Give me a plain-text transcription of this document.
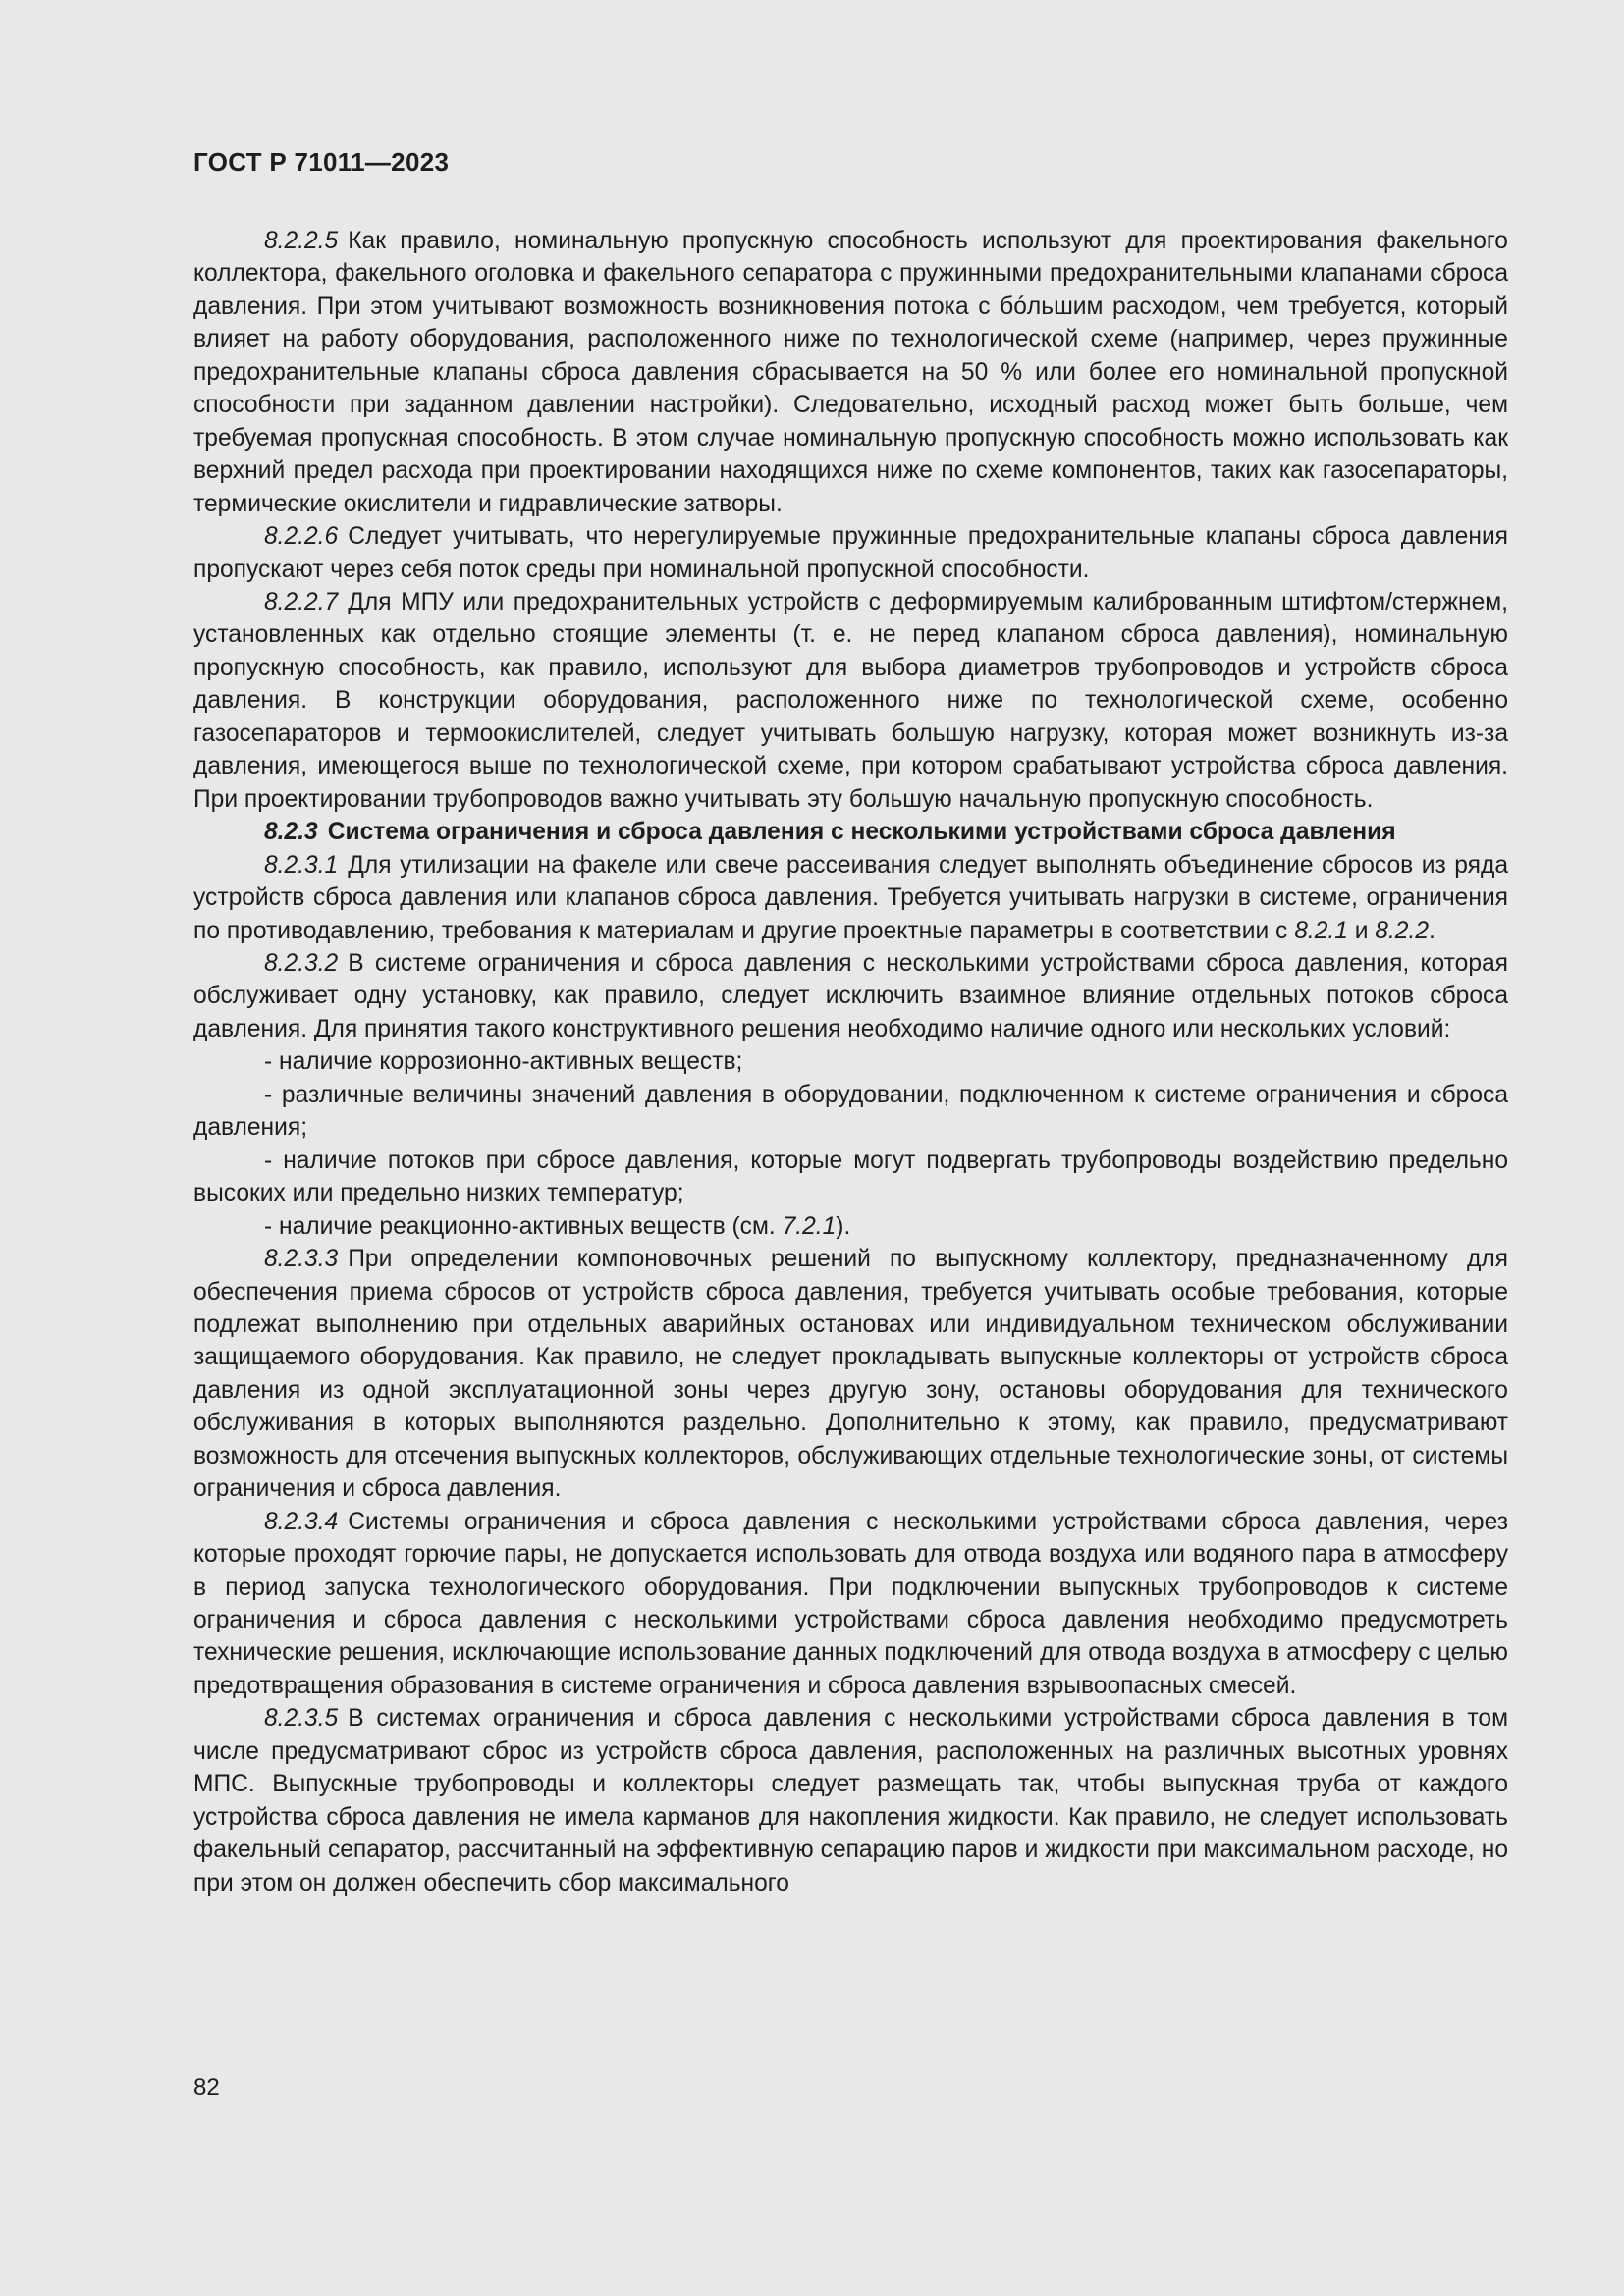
ГОСТ Р 71011—2023

8.2.2.5 Как правило, номинальную пропускную способность используют для проектирования факельного коллектора, факельного оголовка и факельного сепаратора с пружинными предохранительными клапанами сброса давления. При этом учитывают возможность возникновения потока с бóльшим расходом, чем требуется, который влияет на работу оборудования, расположенного ниже по технологической схеме (например, через пружинные предохранительные клапаны сброса давления сбрасывается на 50 % или более его номинальной пропускной способности при заданном давлении настройки). Следовательно, исходный расход может быть больше, чем требуемая пропускная способность. В этом случае номинальную пропускную способность можно использовать как верхний предел расхода при проектировании находящихся ниже по схеме компонентов, таких как газосепараторы, термические окислители и гидравлические затворы.

8.2.2.6 Следует учитывать, что нерегулируемые пружинные предохранительные клапаны сброса давления пропускают через себя поток среды при номинальной пропускной способности.

8.2.2.7 Для МПУ или предохранительных устройств с деформируемым калиброванным штифтом/стержнем, установленных как отдельно стоящие элементы (т. е. не перед клапаном сброса давления), номинальную пропускную способность, как правило, используют для выбора диаметров трубопроводов и устройств сброса давления. В конструкции оборудования, расположенного ниже по технологической схеме, особенно газосепараторов и термоокислителей, следует учитывать большую нагрузку, которая может возникнуть из-за давления, имеющегося выше по технологической схеме, при котором срабатывают устройства сброса давления. При проектировании трубопроводов важно учитывать эту большую начальную пропускную способность.

8.2.3 Система ограничения и сброса давления с несколькими устройствами сброса давления

8.2.3.1 Для утилизации на факеле или свече рассеивания следует выполнять объединение сбросов из ряда устройств сброса давления или клапанов сброса давления. Требуется учитывать нагрузки в системе, ограничения по противодавлению, требования к материалам и другие проектные параметры в соответствии с 8.2.1 и 8.2.2.

8.2.3.2 В системе ограничения и сброса давления с несколькими устройствами сброса давления, которая обслуживает одну установку, как правило, следует исключить взаимное влияние отдельных потоков сброса давления. Для принятия такого конструктивного решения необходимо наличие одного или нескольких условий:

- наличие коррозионно-активных веществ;

- различные величины значений давления в оборудовании, подключенном к системе ограничения и сброса давления;

- наличие потоков при сбросе давления, которые могут подвергать трубопроводы воздействию предельно высоких или предельно низких температур;

- наличие реакционно-активных веществ (см. 7.2.1).

8.2.3.3 При определении компоновочных решений по выпускному коллектору, предназначенному для обеспечения приема сбросов от устройств сброса давления, требуется учитывать особые требования, которые подлежат выполнению при отдельных аварийных остановах или индивидуальном техническом обслуживании защищаемого оборудования. Как правило, не следует прокладывать выпускные коллекторы от устройств сброса давления из одной эксплуатационной зоны через другую зону, остановы оборудования для технического обслуживания в которых выполняются раздельно. Дополнительно к этому, как правило, предусматривают возможность для отсечения выпускных коллекторов, обслуживающих отдельные технологические зоны, от системы ограничения и сброса давления.

8.2.3.4 Системы ограничения и сброса давления с несколькими устройствами сброса давления, через которые проходят горючие пары, не допускается использовать для отвода воздуха или водяного пара в атмосферу в период запуска технологического оборудования. При подключении выпускных трубопроводов к системе ограничения и сброса давления с несколькими устройствами сброса давления необходимо предусмотреть технические решения, исключающие использование данных подключений для отвода воздуха в атмосферу с целью предотвращения образования в системе ограничения и сброса давления взрывоопасных смесей.

8.2.3.5 В системах ограничения и сброса давления с несколькими устройствами сброса давления в том числе предусматривают сброс из устройств сброса давления, расположенных на различных высотных уровнях МПС. Выпускные трубопроводы и коллекторы следует размещать так, чтобы выпускная труба от каждого устройства сброса давления не имела карманов для накопления жидкости. Как правило, не следует использовать факельный сепаратор, рассчитанный на эффективную сепарацию паров и жидкости при максимальном расходе, но при этом он должен обеспечить сбор максимального

82
